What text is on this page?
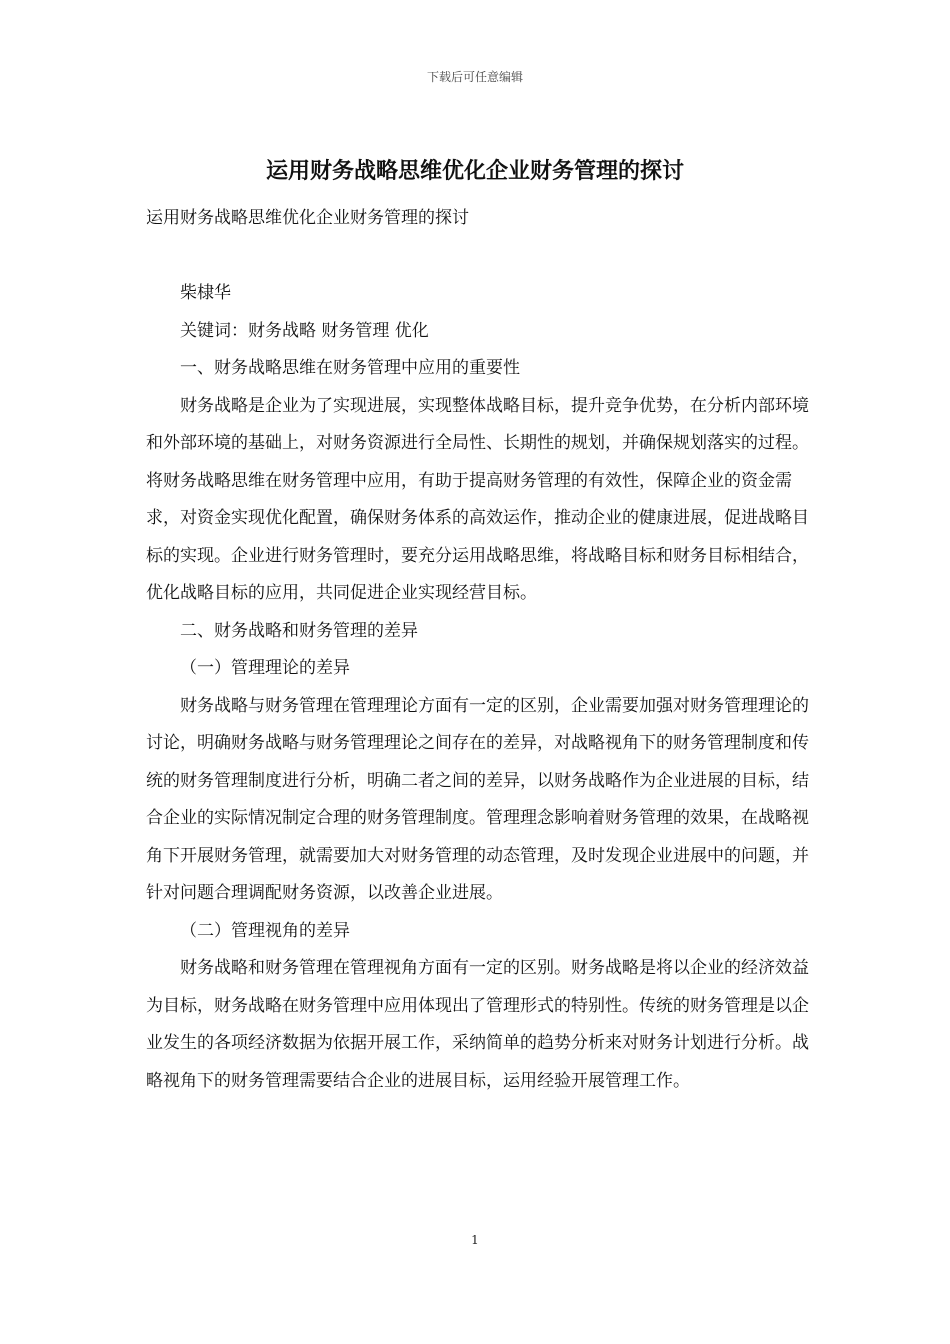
下载后可任意编辑
运用财务战略思维优化企业财务管理的探讨

运用财务战略思维优化企业财务管理的探讨

柴棣华

关键词：财务战略 财务管理 优化

一、财务战略思维在财务管理中应用的重要性

财务战略是企业为了实现进展，实现整体战略目标，提升竞争优势，在分析内部环境和外部环境的基础上，对财务资源进行全局性、长期性的规划，并确保规划落实的过程。将财务战略思维在财务管理中应用，有助于提高财务管理的有效性，保障企业的资金需求，对资金实现优化配置，确保财务体系的高效运作，推动企业的健康进展，促进战略目标的实现。企业进行财务管理时，要充分运用战略思维，将战略目标和财务目标相结合，优化战略目标的应用，共同促进企业实现经营目标。

二、财务战略和财务管理的差异

（一）管理理论的差异

财务战略与财务管理在管理理论方面有一定的区别，企业需要加强对财务管理理论的讨论，明确财务战略与财务管理理论之间存在的差异，对战略视角下的财务管理制度和传统的财务管理制度进行分析，明确二者之间的差异，以财务战略作为企业进展的目标，结合企业的实际情况制定合理的财务管理制度。管理理念影响着财务管理的效果，在战略视角下开展财务管理，就需要加大对财务管理的动态管理，及时发现企业进展中的问题，并针对问题合理调配财务资源，以改善企业进展。

（二）管理视角的差异

财务战略和财务管理在管理视角方面有一定的区别。财务战略是将以企业的经济效益为目标，财务战略在财务管理中应用体现出了管理形式的特别性。传统的财务管理是以企业发生的各项经济数据为依据开展工作，采纳简单的趋势分析来对财务计划进行分析。战略视角下的财务管理需要结合企业的进展目标，运用经验开展管理工作。

1
